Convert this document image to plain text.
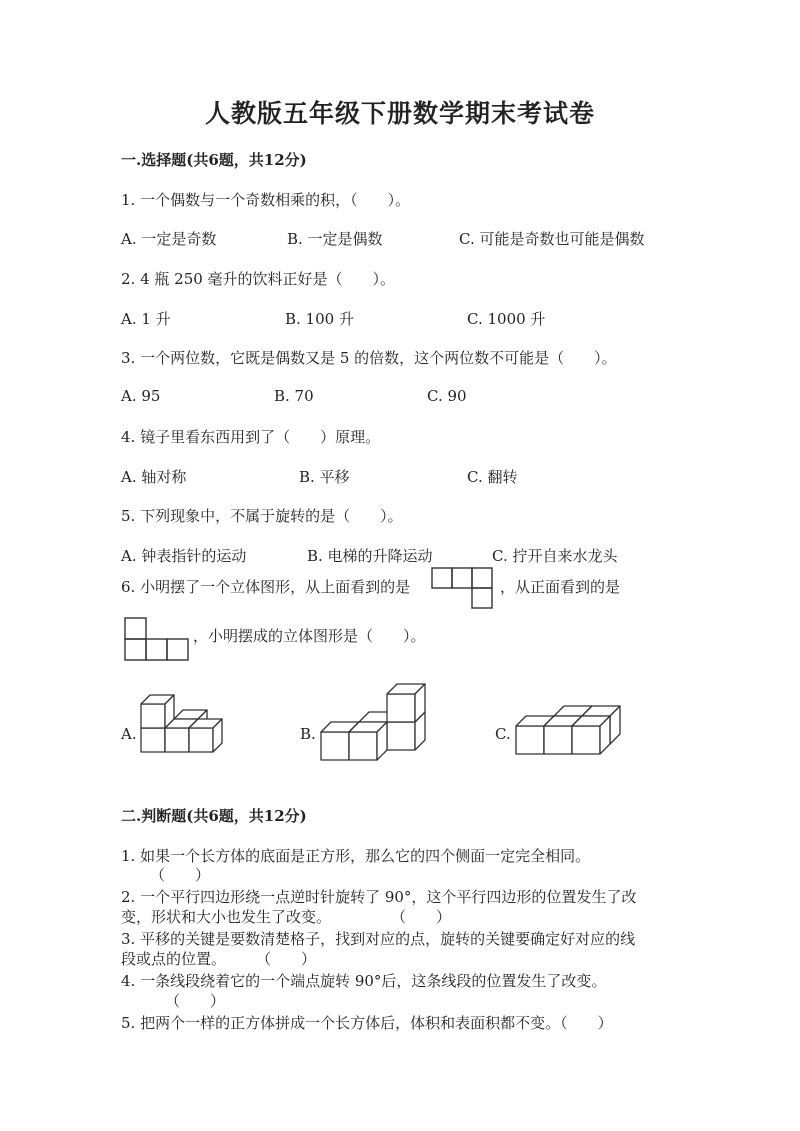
人教版五年级下册数学期末考试卷
一.选择题(共6题，共12分)
1. 一个偶数与一个奇数相乘的积，（　　）。
A. 一定是奇数	B. 一定是偶数	C. 可能是奇数也可能是偶数
2. 4 瓶 250 毫升的饮料正好是（　　）。
A. 1 升	B. 100 升	C. 1000 升
3. 一个两位数，它既是偶数又是 5 的倍数，这个两位数不可能是（　　）。
A. 95	B. 70	C. 90
4. 镜子里看东西用到了（　　）原理。
A. 轴对称	B. 平移	C. 翻转
5. 下列现象中，不属于旋转的是（　　）。
A. 钟表指针的运动	B. 电梯的升降运动	C. 拧开自来水龙头
6. 小明摆了一个立体图形，从上面看到的是	，从正面看到的是
，小明摆成的立体图形是（　　）。
A.	B.	C.
二.判断题(共6题，共12分)
1. 如果一个长方体的底面是正方形，那么它的四个侧面一定完全相同。
（　　）
2. 一个平行四边形绕一点逆时针旋转了 90°，这个平行四边形的位置发生了改
变，形状和大小也发生了改变。　　　　　（　　）
3. 平移的关键是要数清楚格子，找到对应的点，旋转的关键要确定好对应的线
段或点的位置。　　　（　　）
4. 一条线段绕着它的一个端点旋转 90°后，这条线段的位置发生了改变。
（　　）
5. 把两个一样的正方体拼成一个长方体后，体积和表面积都不变。（　　）
